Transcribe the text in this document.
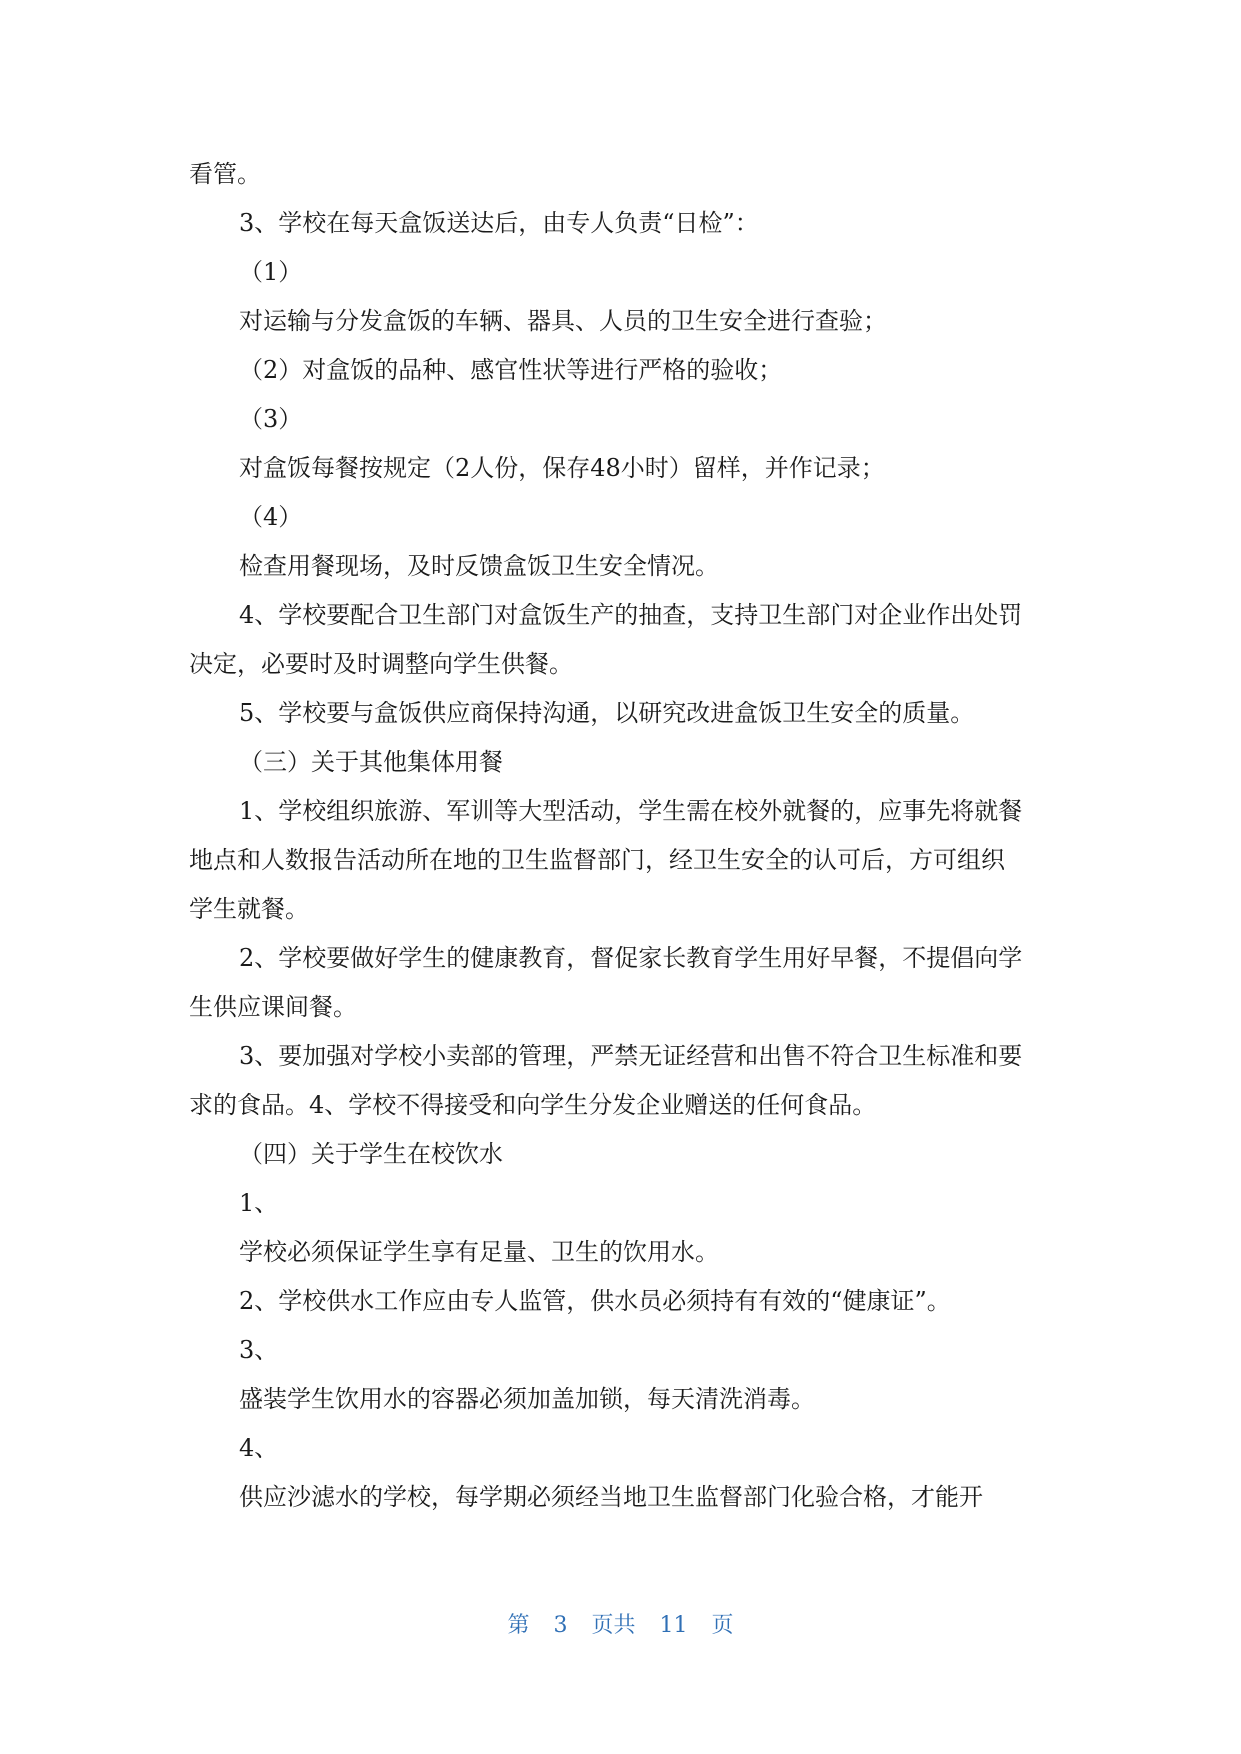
看管。
3、学校在每天盒饭送达后，由专人负责“日检”：
（1）
对运输与分发盒饭的车辆、器具、人员的卫生安全进行查验；
（2）对盒饭的品种、感官性状等进行严格的验收；
（3）
对盒饭每餐按规定（2人份，保存48小时）留样，并作记录；
（4）
检查用餐现场，及时反馈盒饭卫生安全情况。
4、学校要配合卫生部门对盒饭生产的抽查，支持卫生部门对企业作出处罚
决定，必要时及时调整向学生供餐。
5、学校要与盒饭供应商保持沟通，以研究改进盒饭卫生安全的质量。
（三）关于其他集体用餐
1、学校组织旅游、军训等大型活动，学生需在校外就餐的，应事先将就餐
地点和人数报告活动所在地的卫生监督部门，经卫生安全的认可后，方可组织
学生就餐。
2、学校要做好学生的健康教育，督促家长教育学生用好早餐，不提倡向学
生供应课间餐。
3、要加强对学校小卖部的管理，严禁无证经营和出售不符合卫生标准和要
求的食品。4、学校不得接受和向学生分发企业赠送的任何食品。
（四）关于学生在校饮水
1、
学校必须保证学生享有足量、卫生的饮用水。
2、学校供水工作应由专人监管，供水员必须持有有效的“健康证”。
3、
盛装学生饮用水的容器必须加盖加锁，每天清洗消毒。
4、
供应沙滤水的学校，每学期必须经当地卫生监督部门化验合格，才能开
第 3 页共 11 页
